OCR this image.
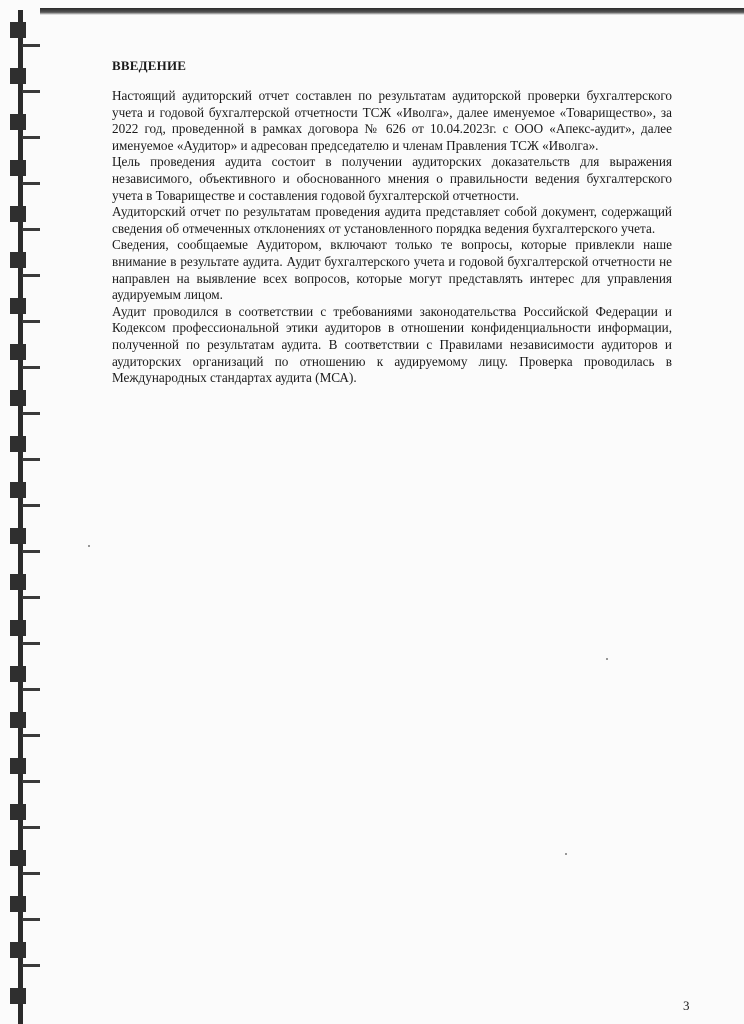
ВВЕДЕНИЕ

Настоящий аудиторский отчет составлен по результатам аудиторской проверки бухгалтерского учета и годовой бухгалтерской отчетности ТСЖ «Иволга», далее именуемое «Товарищество», за 2022 год, проведенной в рамках договора № 626 от 10.04.2023г. с ООО «Апекс-аудит», далее именуемое «Аудитор» и адресован председателю и членам Правления ТСЖ «Иволга».

Цель проведения аудита состоит в получении аудиторских доказательств для выражения независимого, объективного и обоснованного мнения о правильности ведения бухгалтерского учета в Товариществе и составления годовой бухгалтерской отчетности.

Аудиторский отчет по результатам проведения аудита представляет собой документ, содержащий сведения об отмеченных отклонениях от установленного порядка ведения бухгалтерского учета.

Сведения, сообщаемые Аудитором, включают только те вопросы, которые привлекли наше внимание в результате аудита. Аудит бухгалтерского учета и годовой бухгалтерской отчетности не направлен на выявление всех вопросов, которые могут представлять интерес для управления аудируемым лицом.

Аудит проводился в соответствии с требованиями законодательства Российской Федерации и Кодексом профессиональной этики аудиторов в отношении конфиденциальности информации, полученной по результатам аудита. В соответствии с Правилами независимости аудиторов и аудиторских организаций по отношению к аудируемому лицу. Проверка проводилась в Международных стандартах аудита (МСА).

3
